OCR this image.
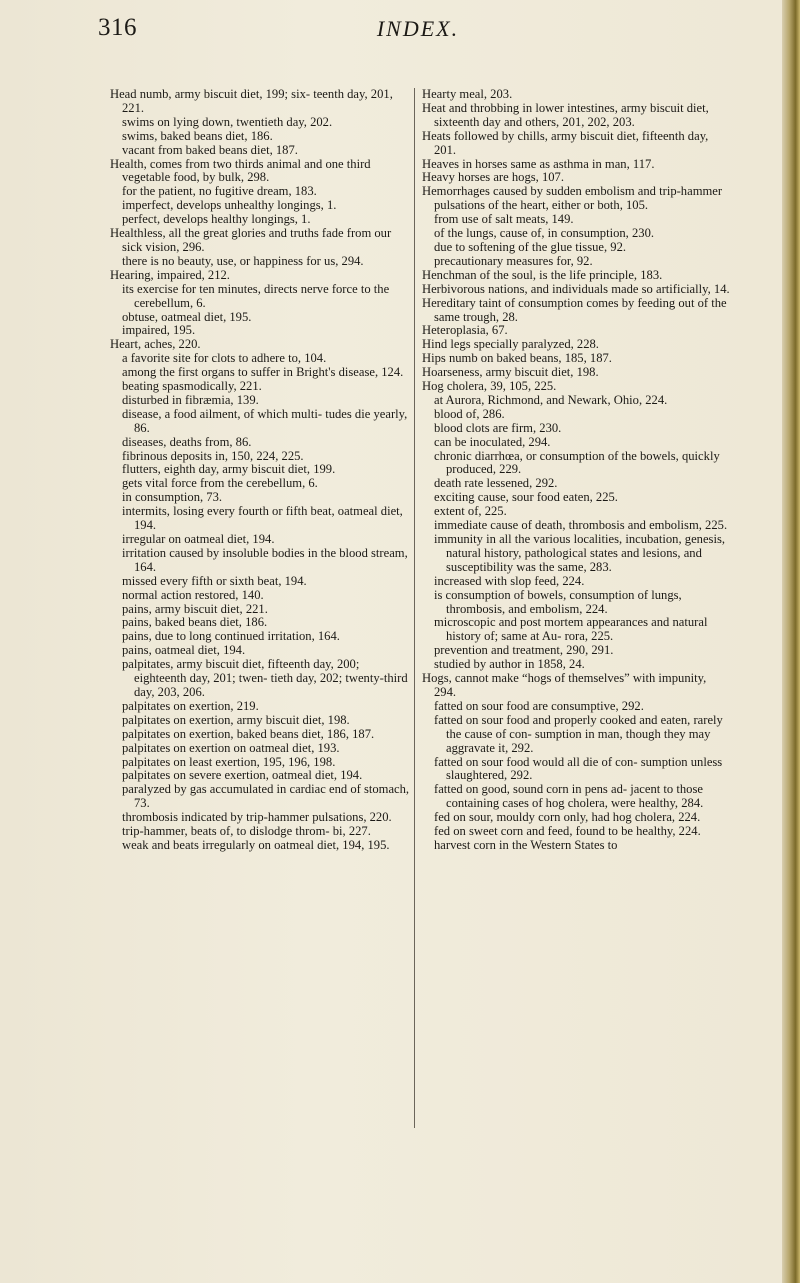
316	INDEX.

Head numb, army biscuit diet, 199; six- teenth day, 201, 221.

swims on lying down, twentieth day, 202.

swims, baked beans diet, 186.

vacant from baked beans diet, 187.

Health, comes from two thirds animal and one third vegetable food, by bulk, 298.

for the patient, no fugitive dream, 183.

imperfect, develops unhealthy longings, 1.

perfect, develops healthy longings, 1.

Healthless, all the great glories and truths fade from our sick vision, 296.

there is no beauty, use, or happiness for us, 294.

Hearing, impaired, 212.

its exercise for ten minutes, directs nerve force to the cerebellum, 6.

obtuse, oatmeal diet, 195.

impaired, 195.

Heart, aches, 220.

a favorite site for clots to adhere to, 104.

among the first organs to suffer in Bright's disease, 124.

beating spasmodically, 221.

disturbed in fibræmia, 139.

disease, a food ailment, of which multi- tudes die yearly, 86.

diseases, deaths from, 86.

fibrinous deposits in, 150, 224, 225.

flutters, eighth day, army biscuit diet, 199.

gets vital force from the cerebellum, 6.

in consumption, 73.

intermits, losing every fourth or fifth beat, oatmeal diet, 194.

irregular on oatmeal diet, 194.

irritation caused by insoluble bodies in the blood stream, 164.

missed every fifth or sixth beat, 194.

normal action restored, 140.

pains, army biscuit diet, 221.

pains, baked beans diet, 186.

pains, due to long continued irritation, 164.

pains, oatmeal diet, 194.

palpitates, army biscuit diet, fifteenth day, 200; eighteenth day, 201; twen- tieth day, 202; twenty-third day, 203, 206.

palpitates on exertion, 219.

palpitates on exertion, army biscuit diet, 198.

palpitates on exertion, baked beans diet, 186, 187.

palpitates on exertion on oatmeal diet, 193.

palpitates on least exertion, 195, 196, 198.

palpitates on severe exertion, oatmeal diet, 194.

paralyzed by gas accumulated in cardiac end of stomach, 73.

thrombosis indicated by trip-hammer pulsations, 220.

trip-hammer, beats of, to dislodge throm- bi, 227.

weak and beats irregularly on oatmeal diet, 194, 195.

Hearty meal, 203.

Heat and throbbing in lower intestines, army biscuit diet, sixteenth day and others, 201, 202, 203.

Heats followed by chills, army biscuit diet, fifteenth day, 201.

Heaves in horses same as asthma in man, 117.

Heavy horses are hogs, 107.

Hemorrhages caused by sudden embolism and trip-hammer pulsations of the heart, either or both, 105.

from use of salt meats, 149.

of the lungs, cause of, in consumption, 230.

due to softening of the glue tissue, 92.

precautionary measures for, 92.

Henchman of the soul, is the life principle, 183.

Herbivorous nations, and individuals made so artificially, 14.

Hereditary taint of consumption comes by feeding out of the same trough, 28.

Heteroplasia, 67.

Hind legs specially paralyzed, 228.

Hips numb on baked beans, 185, 187.

Hoarseness, army biscuit diet, 198.

Hog cholera, 39, 105, 225.

at Aurora, Richmond, and Newark, Ohio, 224.

blood of, 286.

blood clots are firm, 230.

can be inoculated, 294.

chronic diarrhœa, or consumption of the bowels, quickly produced, 229.

death rate lessened, 292.

exciting cause, sour food eaten, 225.

extent of, 225.

immediate cause of death, thrombosis and embolism, 225.

immunity in all the various localities, incubation, genesis, natural history, pathological states and lesions, and susceptibility was the same, 283.

increased with slop feed, 224.

is consumption of bowels, consumption of lungs, thrombosis, and embolism, 224.

microscopic and post mortem appearances and natural history of; same at Au- rora, 225.

prevention and treatment, 290, 291.

studied by author in 1858, 24.

Hogs, cannot make “hogs of themselves” with impunity, 294.

fatted on sour food are consumptive, 292.

fatted on sour food and properly cooked and eaten, rarely the cause of con- sumption in man, though they may aggravate it, 292.

fatted on sour food would all die of con- sumption unless slaughtered, 292.

fatted on good, sound corn in pens ad- jacent to those containing cases of hog cholera, were healthy, 284.

fed on sour, mouldy corn only, had hog cholera, 224.

fed on sweet corn and feed, found to be healthy, 224.

harvest corn in the Western States to
